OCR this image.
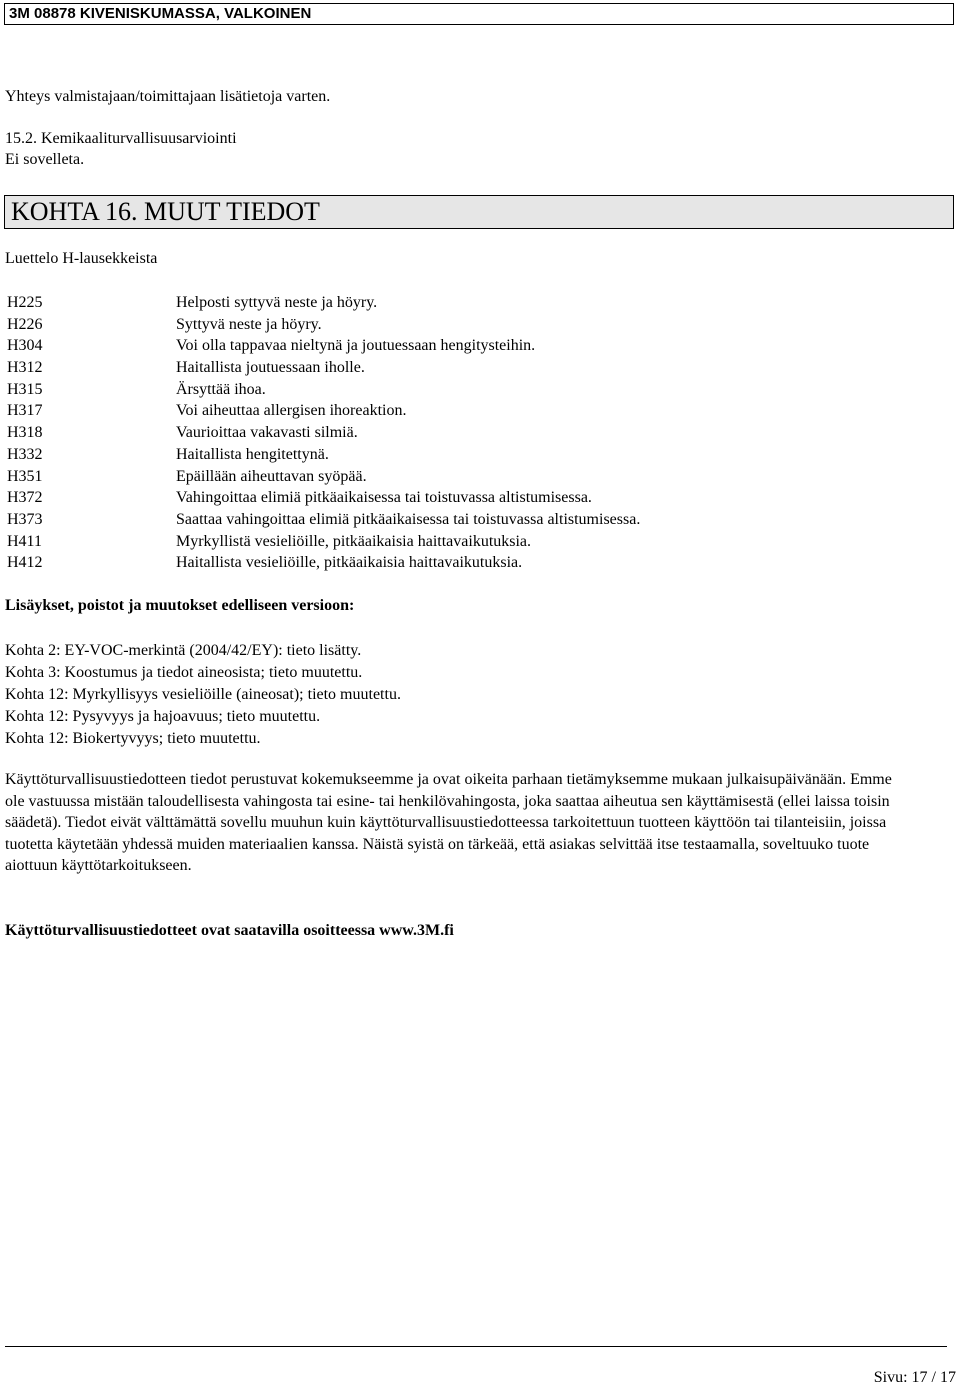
3M 08878 KIVENISKUMASSA, VALKOINEN
Yhteys valmistajaan/toimittajaan lisätietoja varten.
15.2. Kemikaaliturvallisuusarviointi
Ei sovelleta.
KOHTA 16. MUUT TIEDOT
Luettelo H-lausekkeista
H225	Helposti syttyvä neste ja höyry.
H226	Syttyvä neste ja höyry.
H304	Voi olla tappavaa nieltynä ja joutuessaan hengitysteihin.
H312	Haitallista joutuessaan iholle.
H315	Ärsyttää ihoa.
H317	Voi aiheuttaa allergisen ihoreaktion.
H318	Vaurioittaa vakavasti silmiä.
H332	Haitallista hengitettynä.
H351	Epäillään aiheuttavan syöpää.
H372	Vahingoittaa elimiä pitkäaikaisessa tai toistuvassa altistumisessa.
H373	Saattaa vahingoittaa elimiä pitkäaikaisessa tai toistuvassa altistumisessa.
H411	Myrkyllistä vesieliöille, pitkäaikaisia haittavaikutuksia.
H412	Haitallista vesieliöille, pitkäaikaisia haittavaikutuksia.
Lisäykset, poistot ja muutokset edelliseen versioon:
Kohta 2: EY-VOC-merkintä (2004/42/EY): tieto lisätty.
Kohta 3: Koostumus ja tiedot aineosista; tieto muutettu.
Kohta 12: Myrkyllisyys vesieliöille (aineosat); tieto muutettu.
Kohta 12: Pysyvyys ja hajoavuus; tieto muutettu.
Kohta 12: Biokertyvyys; tieto muutettu.
Käyttöturvallisuustiedotteen tiedot perustuvat kokemukseemme ja ovat oikeita parhaan tietämyksemme mukaan julkaisupäivänään. Emme ole vastuussa mistään taloudellisesta vahingosta tai esine- tai henkilövahingosta, joka saattaa aiheutua sen käyttämisestä (ellei laissa toisin säädetä). Tiedot eivät välttämättä sovellu muuhun kuin käyttöturvallisuustiedotteessa tarkoitettuun tuotteen käyttöön tai tilanteisiin, joissa tuotetta käytetään yhdessä muiden materiaalien kanssa. Näistä syistä on tärkeää, että asiakas selvittää itse testaamalla, soveltuuko tuote aiottuun käyttötarkoitukseen.
Käyttöturvallisuustiedotteet ovat saatavilla osoitteessa www.3M.fi
Sivu: 17 / 17
